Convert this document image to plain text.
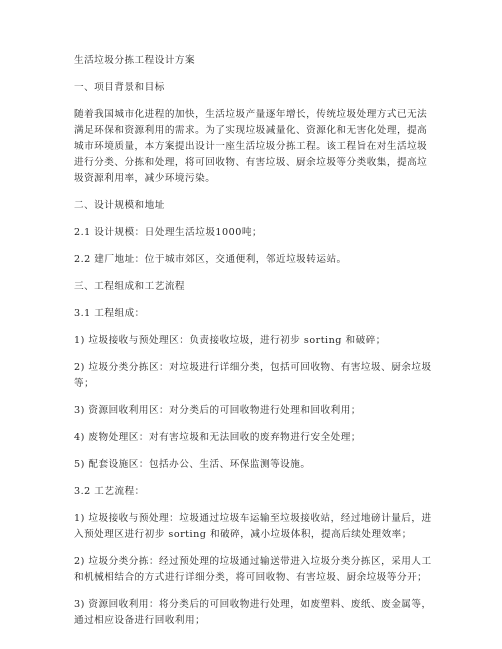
生活垃圾分拣工程设计方案

一、项目背景和目标

随着我国城市化进程的加快，生活垃圾产量逐年增长，传统垃圾处理方式已无法满足环保和资源利用的需求。为了实现垃圾减量化、资源化和无害化处理，提高城市环境质量，本方案提出设计一座生活垃圾分拣工程。该工程旨在对生活垃圾进行分类、分拣和处理，将可回收物、有害垃圾、厨余垃圾等分类收集，提高垃圾资源利用率，减少环境污染。

二、设计规模和地址

2.1 设计规模：日处理生活垃圾1000吨；

2.2 建厂地址：位于城市郊区，交通便利，邻近垃圾转运站。

三、工程组成和工艺流程

3.1 工程组成：

1) 垃圾接收与预处理区：负责接收垃圾，进行初步 sorting 和破碎；

2) 垃圾分类分拣区：对垃圾进行详细分类，包括可回收物、有害垃圾、厨余垃圾等；

3) 资源回收利用区：对分类后的可回收物进行处理和回收利用；

4) 废物处理区：对有害垃圾和无法回收的废弃物进行安全处理；

5) 配套设施区：包括办公、生活、环保监测等设施。

3.2 工艺流程：

1) 垃圾接收与预处理：垃圾通过垃圾车运输至垃圾接收站，经过地磅计量后，进入预处理区进行初步 sorting 和破碎，减小垃圾体积，提高后续处理效率；

2) 垃圾分类分拣：经过预处理的垃圾通过输送带进入垃圾分类分拣区，采用人工和机械相结合的方式进行详细分类，将可回收物、有害垃圾、厨余垃圾等分开；

3) 资源回收利用：将分类后的可回收物进行处理，如废塑料、废纸、废金属等，通过相应设备进行回收利用；
